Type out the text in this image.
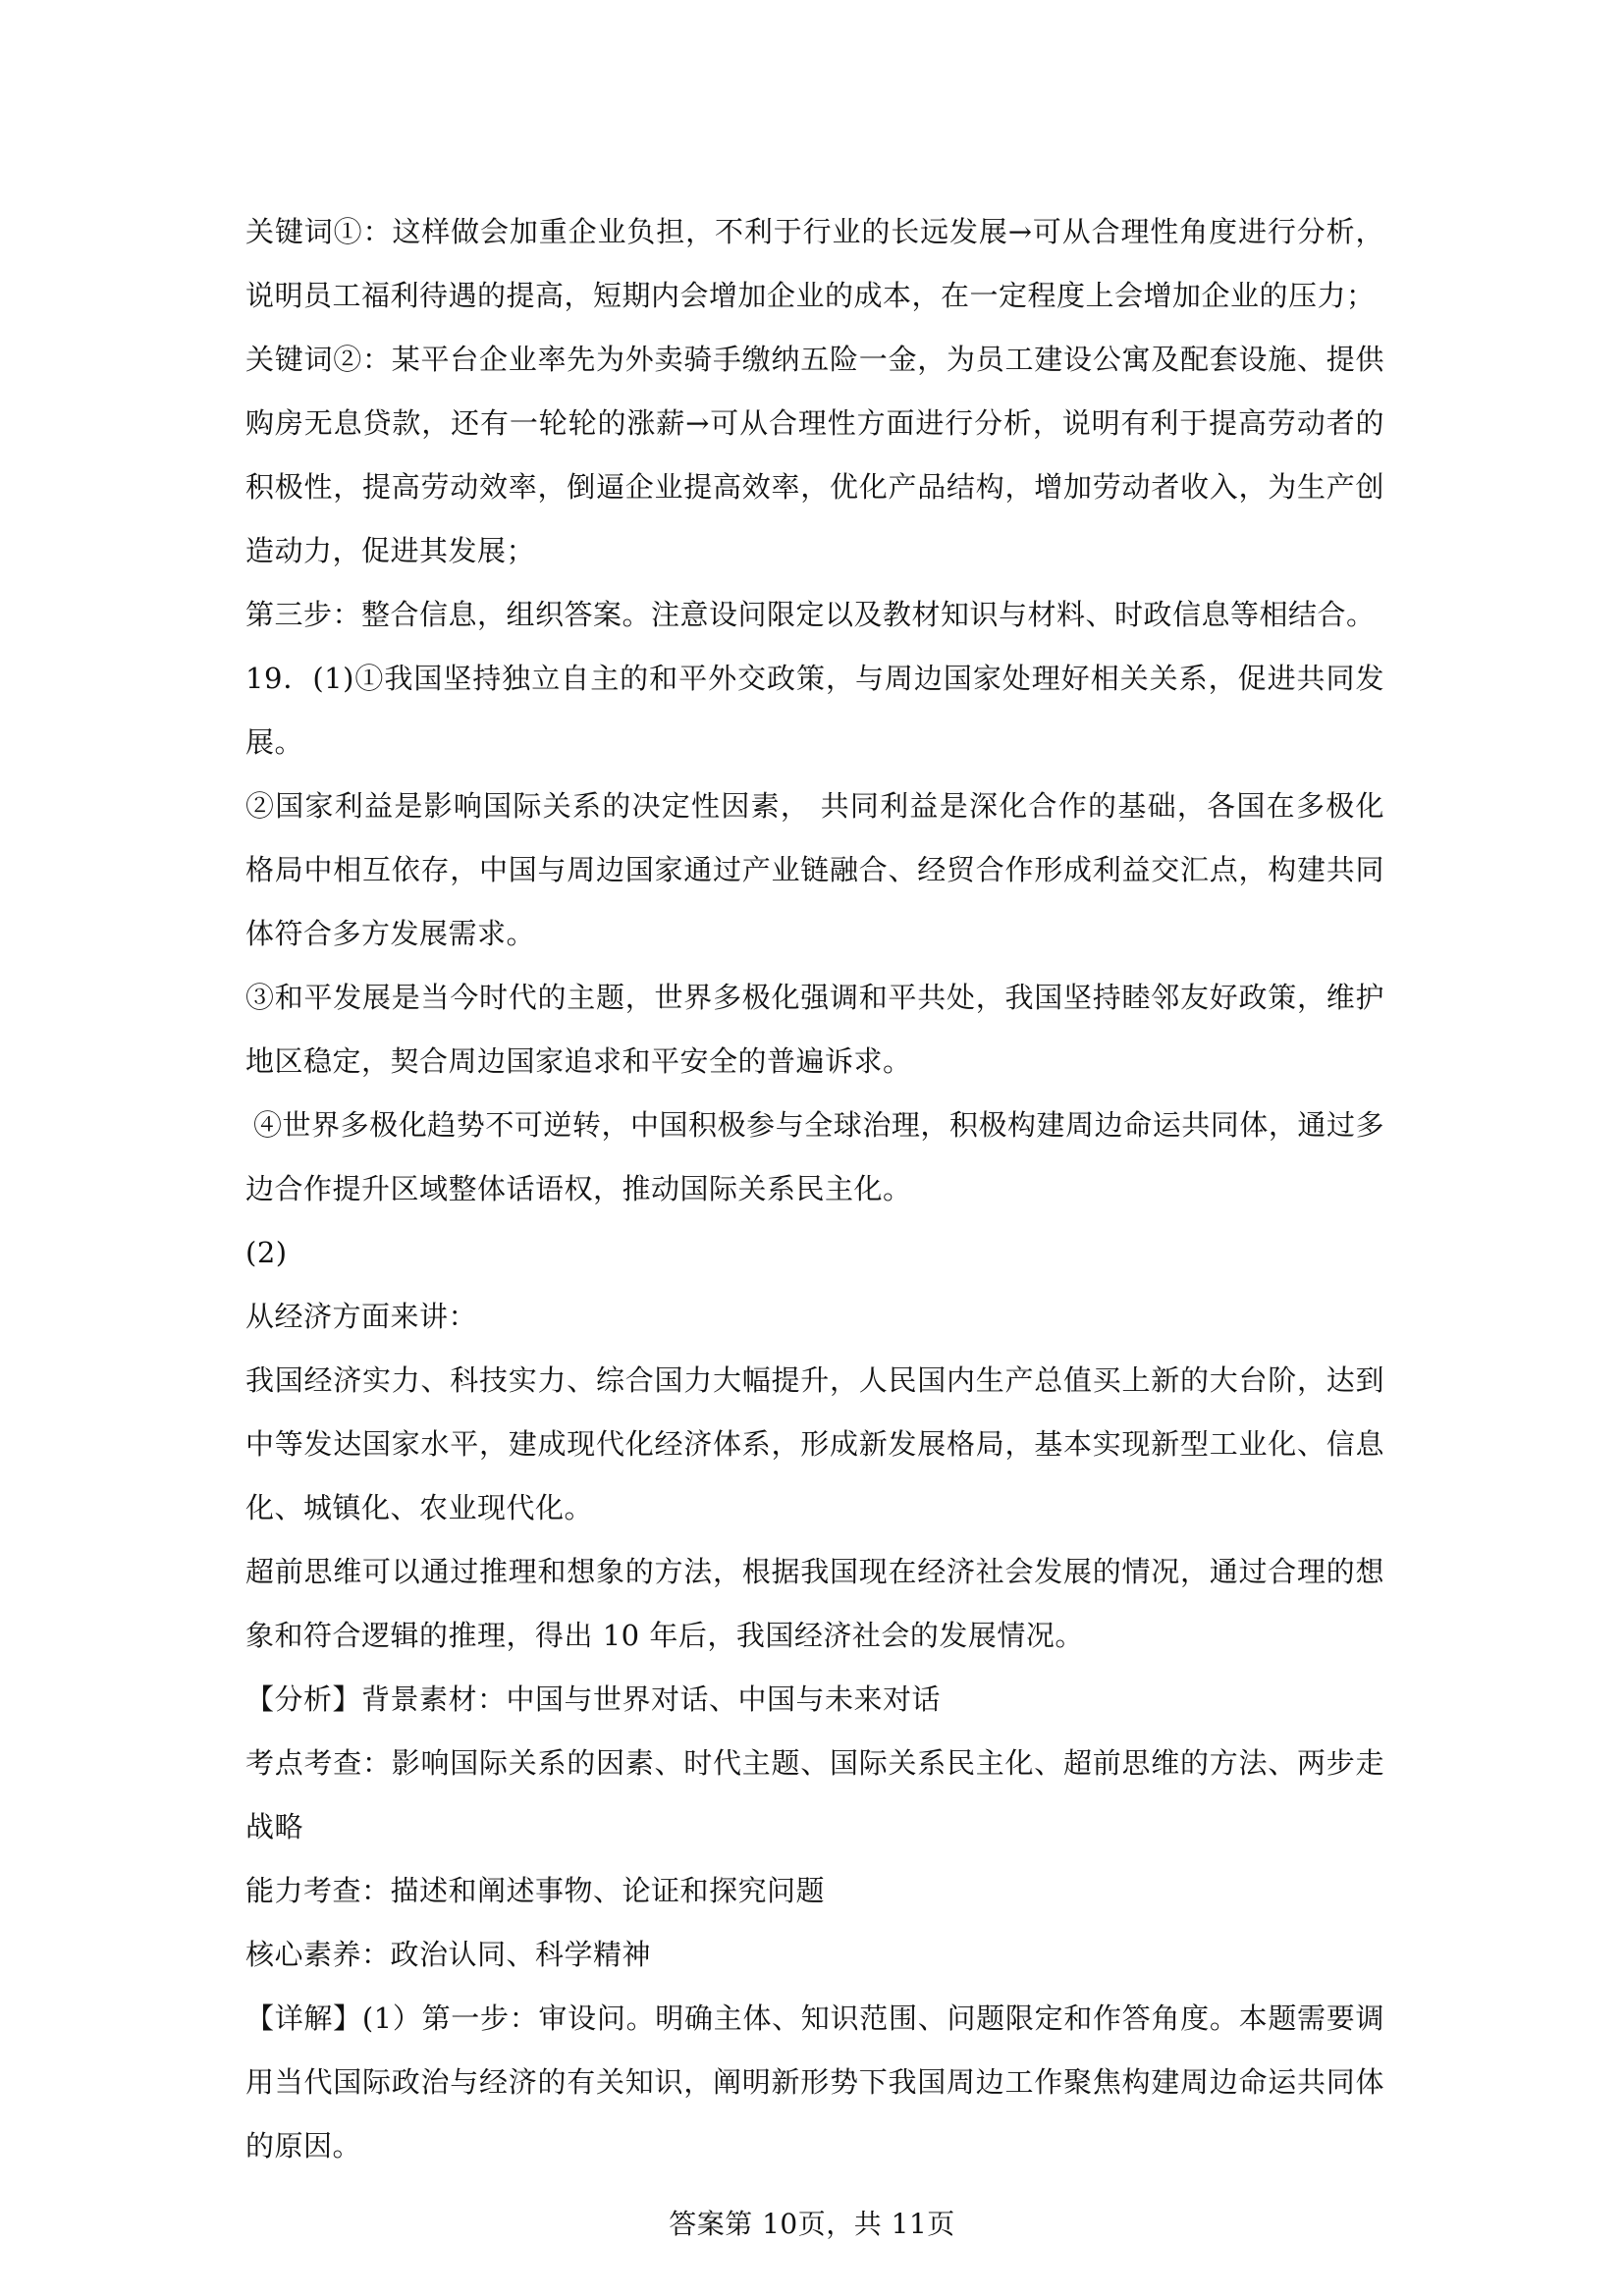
关键词①：这样做会加重企业负担，不利于行业的长远发展→可从合理性角度进行分析，说明员工福利待遇的提高，短期内会增加企业的成本，在一定程度上会增加企业的压力；

关键词②：某平台企业率先为外卖骑手缴纳五险一金，为员工建设公寓及配套设施、提供购房无息贷款，还有一轮轮的涨薪→可从合理性方面进行分析，说明有利于提高劳动者的积极性，提高劳动效率，倒逼企业提高效率，优化产品结构，增加劳动者收入，为生产创造动力，促进其发展；

第三步：整合信息，组织答案。注意设问限定以及教材知识与材料、时政信息等相结合。

19．(1)①我国坚持独立自主的和平外交政策，与周边国家处理好相关关系，促进共同发展。

②国家利益是影响国际关系的决定性因素， 共同利益是深化合作的基础，各国在多极化格局中相互依存，中国与周边国家通过产业链融合、经贸合作形成利益交汇点，构建共同体符合多方发展需求。

③和平发展是当今时代的主题，世界多极化强调和平共处，我国坚持睦邻友好政策，维护地区稳定，契合周边国家追求和平安全的普遍诉求。

④世界多极化趋势不可逆转，中国积极参与全球治理，积极构建周边命运共同体，通过多边合作提升区域整体话语权，推动国际关系民主化。

(2)

从经济方面来讲：

我国经济实力、科技实力、综合国力大幅提升，人民国内生产总值买上新的大台阶，达到中等发达国家水平，建成现代化经济体系，形成新发展格局，基本实现新型工业化、信息化、城镇化、农业现代化。

超前思维可以通过推理和想象的方法，根据我国现在经济社会发展的情况，通过合理的想象和符合逻辑的推理，得出 10 年后，我国经济社会的发展情况。

【分析】背景素材：中国与世界对话、中国与未来对话

考点考查：影响国际关系的因素、时代主题、国际关系民主化、超前思维的方法、两步走战略

能力考查：描述和阐述事物、论证和探究问题

核心素养：政治认同、科学精神

【详解】(1）第一步：审设问。明确主体、知识范围、问题限定和作答角度。本题需要调用当代国际政治与经济的有关知识，阐明新形势下我国周边工作聚焦构建周边命运共同体的原因。

答案第 10页，共 11页
